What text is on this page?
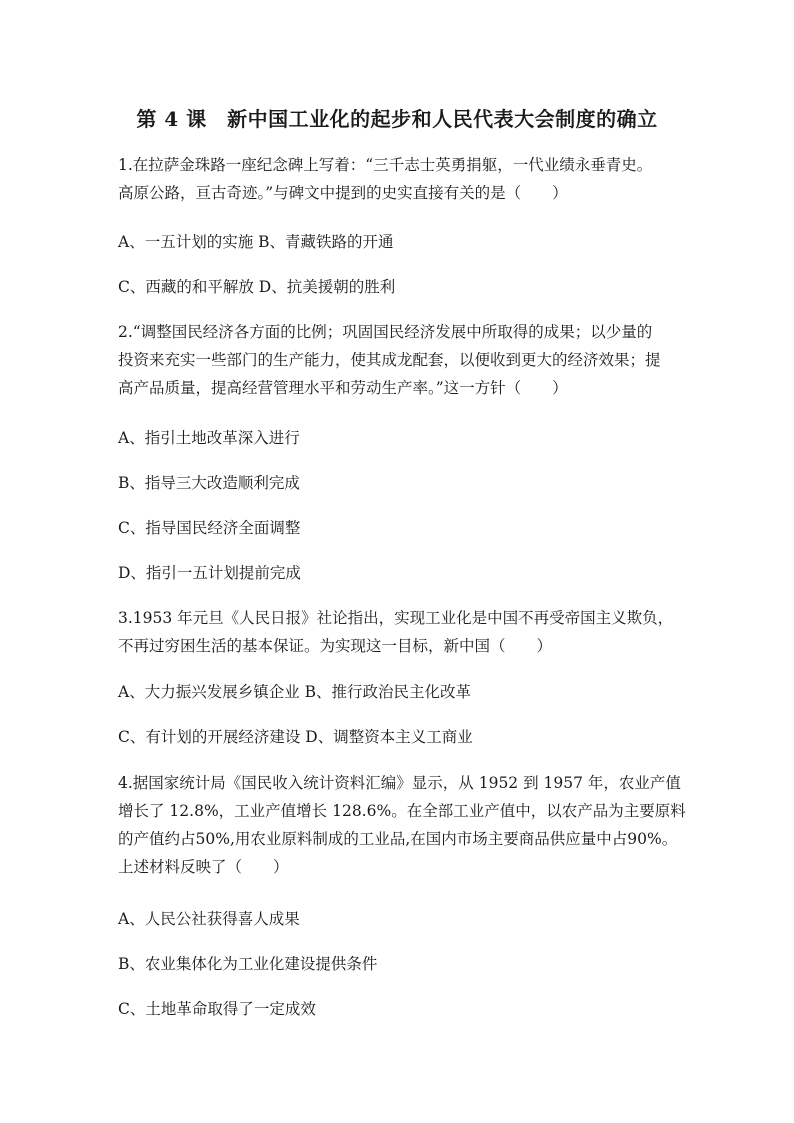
第 4 课　新中国工业化的起步和人民代表大会制度的确立
1.在拉萨金珠路一座纪念碑上写着：“三千志士英勇捐躯，一代业绩永垂青史。
高原公路，亘古奇迹。”与碑文中提到的史实直接有关的是（　　）
A、一五计划的实施 B、青藏铁路的开通
C、西藏的和平解放 D、抗美援朝的胜利
2.“调整国民经济各方面的比例；巩固国民经济发展中所取得的成果；以少量的
投资来充实一些部门的生产能力，使其成龙配套，以便收到更大的经济效果；提
高产品质量，提高经营管理水平和劳动生产率。”这一方针（　　）
A、指引土地改革深入进行
B、指导三大改造顺利完成
C、指导国民经济全面调整
D、指引一五计划提前完成
3.1953 年元旦《人民日报》社论指出，实现工业化是中国不再受帝国主义欺负，
不再过穷困生活的基本保证。为实现这一目标，新中国（　　）
A、大力振兴发展乡镇企业 B、推行政治民主化改革
C、有计划的开展经济建设 D、调整资本主义工商业
4.据国家统计局《国民收入统计资料汇编》显示，从 1952 到 1957 年，农业产值
增长了 12.8%，工业产值增长 128.6%。在全部工业产值中，以农产品为主要原料
的产值约占50%,用农业原料制成的工业品,在国内市场主要商品供应量中占90%。
上述材料反映了（　　）
A、人民公社获得喜人成果
B、农业集体化为工业化建设提供条件
C、土地革命取得了一定成效
